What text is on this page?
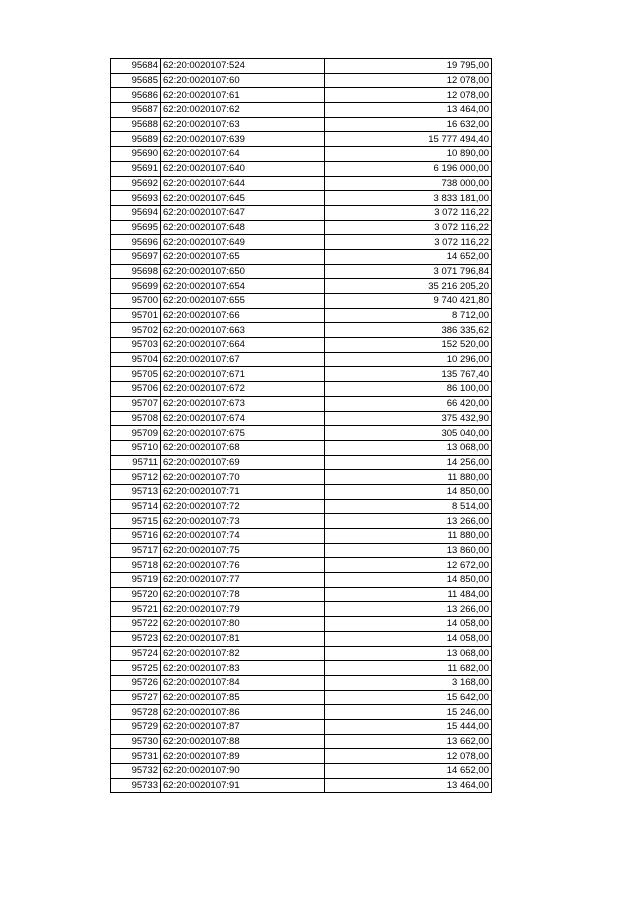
95684	62:20:0020107:524	19 795,00
95685	62:20:0020107:60	12 078,00
95686	62:20:0020107:61	12 078,00
95687	62:20:0020107:62	13 464,00
95688	62:20:0020107:63	16 632,00
95689	62:20:0020107:639	15 777 494,40
95690	62:20:0020107:64	10 890,00
95691	62:20:0020107:640	6 196 000,00
95692	62:20:0020107:644	738 000,00
95693	62:20:0020107:645	3 833 181,00
95694	62:20:0020107:647	3 072 116,22
95695	62:20:0020107:648	3 072 116,22
95696	62:20:0020107:649	3 072 116,22
95697	62:20:0020107:65	14 652,00
95698	62:20:0020107:650	3 071 796,84
95699	62:20:0020107:654	35 216 205,20
95700	62:20:0020107:655	9 740 421,80
95701	62:20:0020107:66	8 712,00
95702	62:20:0020107:663	386 335,62
95703	62:20:0020107:664	152 520,00
95704	62:20:0020107:67	10 296,00
95705	62:20:0020107:671	135 767,40
95706	62:20:0020107:672	86 100,00
95707	62:20:0020107:673	66 420,00
95708	62:20:0020107:674	375 432,90
95709	62:20:0020107:675	305 040,00
95710	62:20:0020107:68	13 068,00
95711	62:20:0020107:69	14 256,00
95712	62:20:0020107:70	11 880,00
95713	62:20:0020107:71	14 850,00
95714	62:20:0020107:72	8 514,00
95715	62:20:0020107:73	13 266,00
95716	62:20:0020107:74	11 880,00
95717	62:20:0020107:75	13 860,00
95718	62:20:0020107:76	12 672,00
95719	62:20:0020107:77	14 850,00
95720	62:20:0020107:78	11 484,00
95721	62:20:0020107:79	13 266,00
95722	62:20:0020107:80	14 058,00
95723	62:20:0020107:81	14 058,00
95724	62:20:0020107:82	13 068,00
95725	62:20:0020107:83	11 682,00
95726	62:20:0020107:84	3 168,00
95727	62:20:0020107:85	15 642,00
95728	62:20:0020107:86	15 246,00
95729	62:20:0020107:87	15 444,00
95730	62:20:0020107:88	13 662,00
95731	62:20:0020107:89	12 078,00
95732	62:20:0020107:90	14 652,00
95733	62:20:0020107:91	13 464,00
